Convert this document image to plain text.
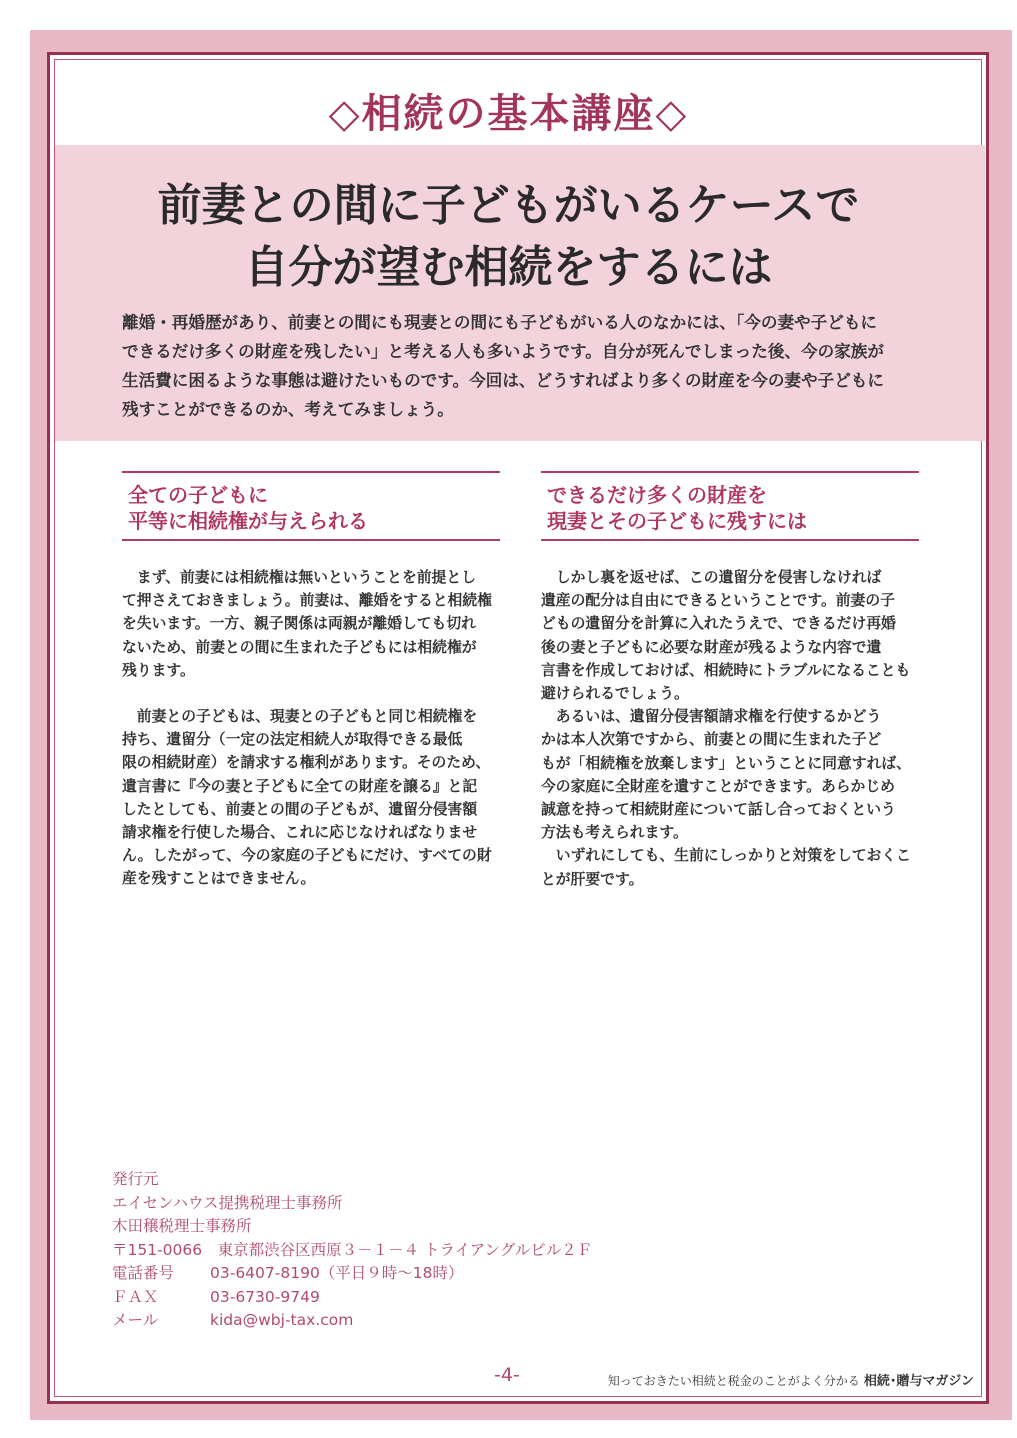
◇相続の基本講座◇
前妻との間に子どもがいるケースで
自分が望む相続をするには
離婚・再婚歴があり、前妻との間にも現妻との間にも子どもがいる人のなかには、「今の妻や子どもに
できるだけ多くの財産を残したい」と考える人も多いようです。自分が死んでしまった後、今の家族が
生活費に困るような事態は避けたいものです。今回は、どうすればより多くの財産を今の妻や子どもに
残すことができるのか、考えてみましょう。
全ての子どもに
平等に相続権が与えられる
できるだけ多くの財産を
現妻とその子どもに残すには
　まず、前妻には相続権は無いということを前提とし
て押さえておきましょう。前妻は、離婚をすると相続権
を失います。一方、親子関係は両親が離婚しても切れ
ないため、前妻との間に生まれた子どもには相続権が
残ります。
　前妻との子どもは、現妻との子どもと同じ相続権を
持ち、遺留分（一定の法定相続人が取得できる最低
限の相続財産）を請求する権利があります。そのため、
遺言書に『今の妻と子どもに全ての財産を譲る』と記
したとしても、前妻との間の子どもが、遺留分侵害額
請求権を行使した場合、これに応じなければなりませ
ん。したがって、今の家庭の子どもにだけ、すべての財
産を残すことはできません。
　しかし裏を返せば、この遺留分を侵害しなければ
遺産の配分は自由にできるということです。前妻の子
どもの遺留分を計算に入れたうえで、できるだけ再婚
後の妻と子どもに必要な財産が残るような内容で遺
言書を作成しておけば、相続時にトラブルになることも
避けられるでしょう。
　あるいは、遺留分侵害額請求権を行使するかどう
かは本人次第ですから、前妻との間に生まれた子ど
もが「相続権を放棄します」ということに同意すれば、
今の家庭に全財産を遺すことができます。あらかじめ
誠意を持って相続財産について話し合っておくという
方法も考えられます。
　いずれにしても、生前にしっかりと対策をしておくこ
とが肝要です。
発行元
エイセンハウス提携税理士事務所
木田穣税理士事務所
〒151-0066　東京都渋谷区西原３－１－４ トライアングルビル２Ｆ
電話番号 03-6407-8190（平日９時～18時）
ＦＡＸ	03-6730-9749
メール	kida@wbj-tax.com
-4-	知っておきたい相続と税金のことがよく分かる 相続･贈与マガジン
